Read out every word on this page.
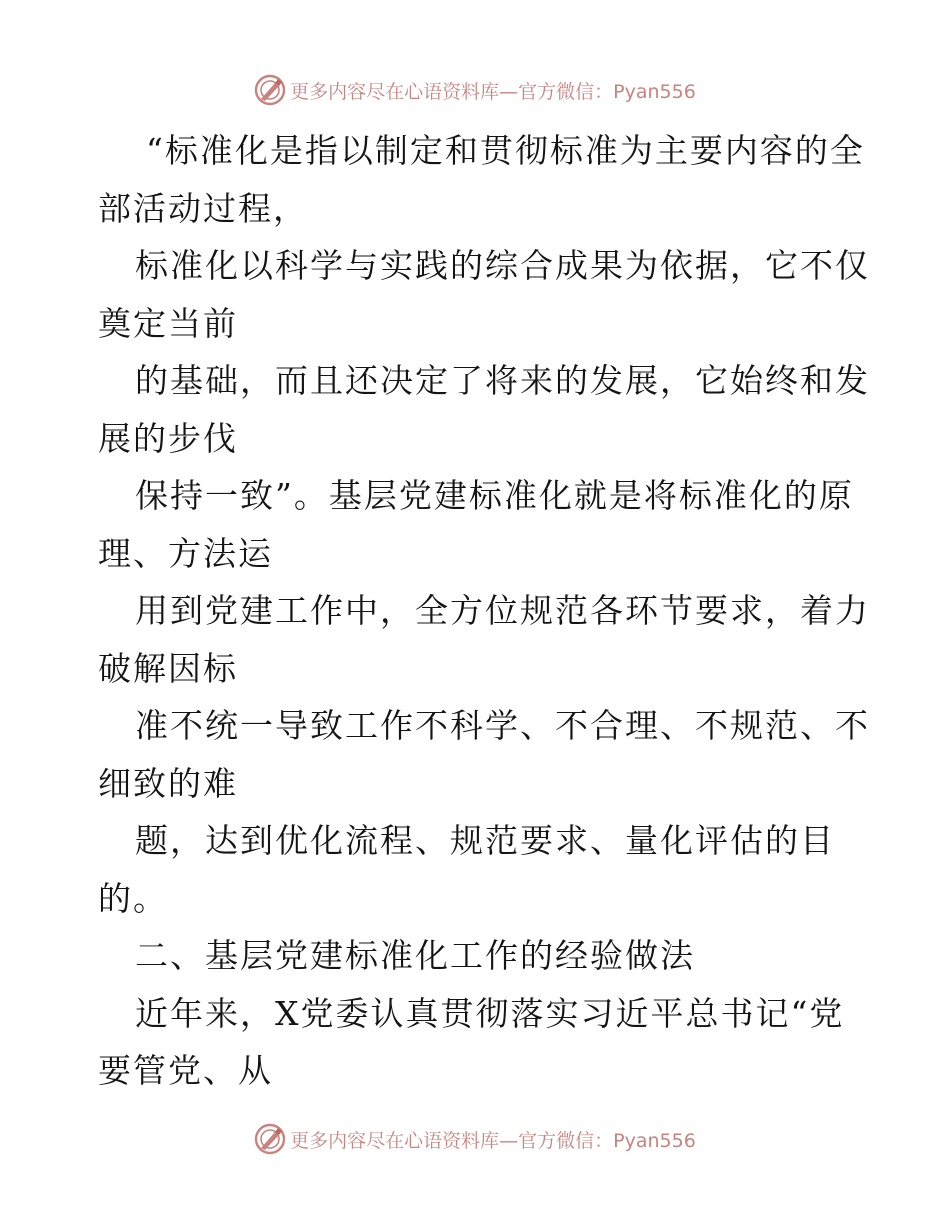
更多内容尽在心语资料库—官方微信：Pyan556
“标准化是指以制定和贯彻标准为主要内容的全
部活动过程，
标准化以科学与实践的综合成果为依据，它不仅
奠定当前
的基础，而且还决定了将来的发展，它始终和发
展的步伐
保持一致”。基层党建标准化就是将标准化的原
理、方法运
用到党建工作中，全方位规范各环节要求，着力
破解因标
准不统一导致工作不科学、不合理、不规范、不
细致的难
题，达到优化流程、规范要求、量化评估的目
的。
二、基层党建标准化工作的经验做法
近年来，X党委认真贯彻落实习近平总书记“党
要管党、从
更多内容尽在心语资料库—官方微信：Pyan556
